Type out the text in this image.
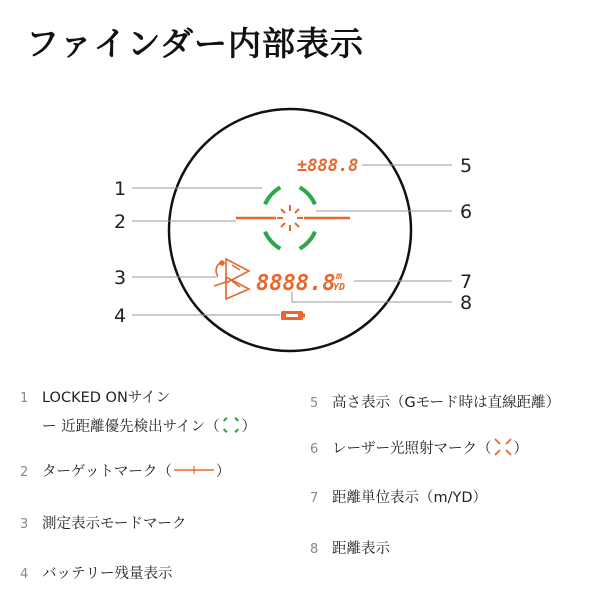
ファインダー内部表示
1
2
3
4
5
6
7
8
±888.8
8888.8 m
YD
1 LOCKED ONサイン
ー 近距離優先検出サイン（ ）
2 ターゲットマーク（	）
3 測定表示モードマーク
4 バッテリー残量表示
5 高さ表示（Gモード時は直線距離）
6 レーザー光照射マーク（ ）
7 距離単位表示（m/YD）
8 距離表示
